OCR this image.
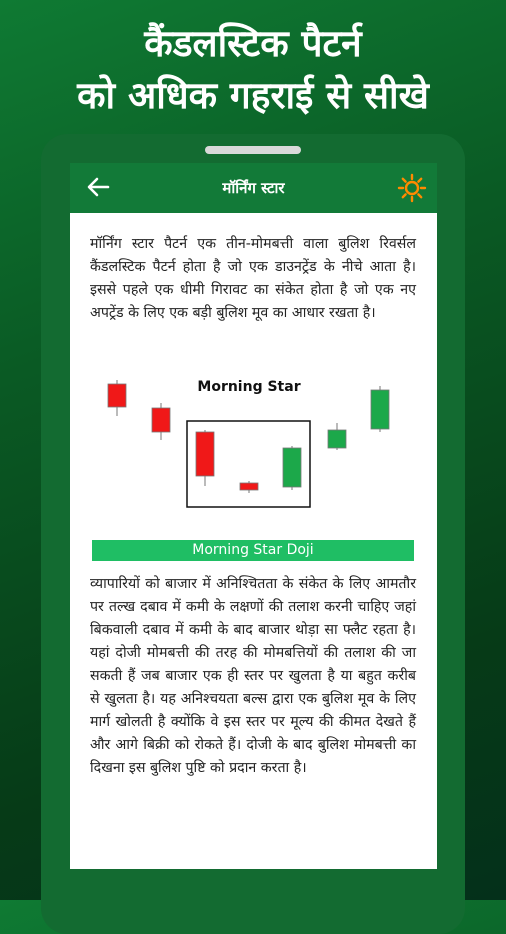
कैंडलस्टिक पैटर्न
को अधिक गहराई से सीखे
मॉर्निंग स्टार
मॉर्निंग स्टार पैटर्न एक तीन-मोमबत्ती वाला बुलिश रिवर्सल कैंडलस्टिक पैटर्न होता है जो एक डाउनट्रेंड के नीचे आता है। इससे पहले एक धीमी गिरावट का संकेत होता है जो एक नए अपट्रेंड के लिए एक बड़ी बुलिश मूव का आधार रखता है।
Morning Star
Morning Star Doji
व्यापारियों को बाजार में अनिश्चितता के संकेत के लिए आमतौर पर तल्ख दबाव में कमी के लक्षणों की तलाश करनी चाहिए जहां बिकवाली दबाव में कमी के बाद बाजार थोड़ा सा फ्लैट रहता है। यहां दोजी मोमबत्ती की तरह की मोमबत्तियों की तलाश की जा सकती हैं जब बाजार एक ही स्तर पर खुलता है या बहुत करीब से खुलता है। यह अनिश्चयता बल्स द्वारा एक बुलिश मूव के लिए मार्ग खोलती है क्योंकि वे इस स्तर पर मूल्य की कीमत देखते हैं और आगे बिक्री को रोकते हैं। दोजी के बाद बुलिश मोमबत्ती का दिखना इस बुलिश पुष्टि को प्रदान करता है।
